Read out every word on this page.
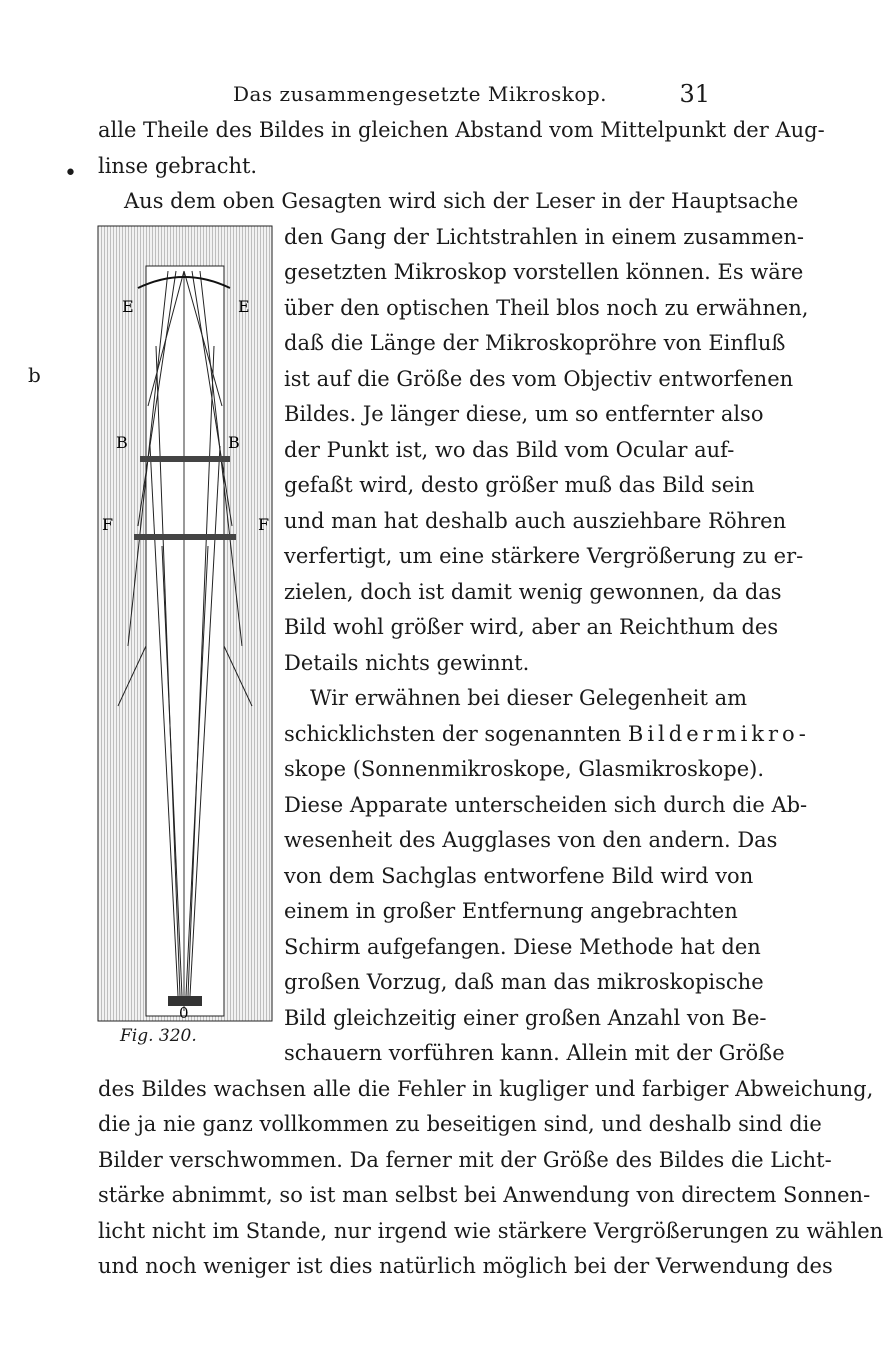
Das zusammengesetzte Mikroskop.	31
•
b
alle Theile des Bildes in gleichen Abstand vom Mittelpunkt der Aug-
linse gebracht.
Aus dem oben Gesagten wird sich der Leser in der Hauptsache
E	E
B	B
F	F
0
Fig. 320.
den Gang der Lichtstrahlen in einem zusammen-
gesetzten Mikroskop vorstellen können. Es wäre
über den optischen Theil blos noch zu erwähnen,
daß die Länge der Mikroskopröhre von Einfluß
ist auf die Größe des vom Objectiv entworfenen
Bildes. Je länger diese, um so entfernter also
der Punkt ist, wo das Bild vom Ocular auf-
gefaßt wird, desto größer muß das Bild sein
und man hat deshalb auch ausziehbare Röhren
verfertigt, um eine stärkere Vergrößerung zu er-
zielen, doch ist damit wenig gewonnen, da das
Bild wohl größer wird, aber an Reichthum des
Details nichts gewinnt.
Wir erwähnen bei dieser Gelegenheit am
schicklichsten der sogenannten Bildermikro-
skope (Sonnenmikroskope, Glasmikroskope).
Diese Apparate unterscheiden sich durch die Ab-
wesenheit des Augglases von den andern. Das
von dem Sachglas entworfene Bild wird von
einem in großer Entfernung angebrachten
Schirm aufgefangen. Diese Methode hat den
großen Vorzug, daß man das mikroskopische
Bild gleichzeitig einer großen Anzahl von Be-
schauern vorführen kann. Allein mit der Größe
des Bildes wachsen alle die Fehler in kugliger und farbiger Abweichung,
die ja nie ganz vollkommen zu beseitigen sind, und deshalb sind die
Bilder verschwommen. Da ferner mit der Größe des Bildes die Licht-
stärke abnimmt, so ist man selbst bei Anwendung von directem Sonnen-
licht nicht im Stande, nur irgend wie stärkere Vergrößerungen zu wählen
und noch weniger ist dies natürlich möglich bei der Verwendung des
